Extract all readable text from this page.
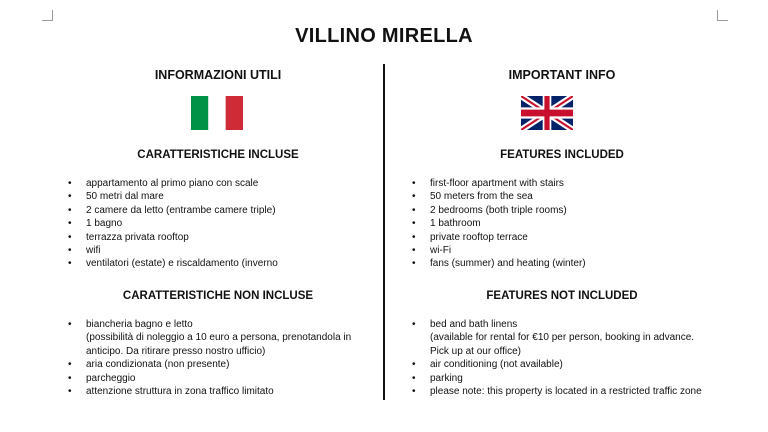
VILLINO MIRELLA
INFORMAZIONI UTILI
CARATTERISTICHE INCLUSE
• appartamento al primo piano con scale
• 50 metri dal mare
• 2 camere da letto (entrambe camere triple)
• 1 bagno
• terrazza privata rooftop
• wifi
• ventilatori (estate) e riscaldamento (inverno
CARATTERISTICHE NON INCLUSE
• biancheria bagno e letto
(possibilità di noleggio a 10 euro a persona, prenotandola in
anticipo. Da ritirare presso nostro ufficio)
• aria condizionata (non presente)
• parcheggio
• attenzione struttura in zona traffico limitato
IMPORTANT INFO
FEATURES INCLUDED
• first-floor apartment with stairs
• 50 meters from the sea
• 2 bedrooms (both triple rooms)
• 1 bathroom
• private rooftop terrace
• wi-Fi
• fans (summer) and heating (winter)
FEATURES NOT INCLUDED
• bed and bath linens
(available for rental for €10 per person, booking in advance.
Pick up at our office)
• air conditioning (not available)
• parking
• please note: this property is located in a restricted traffic zone
